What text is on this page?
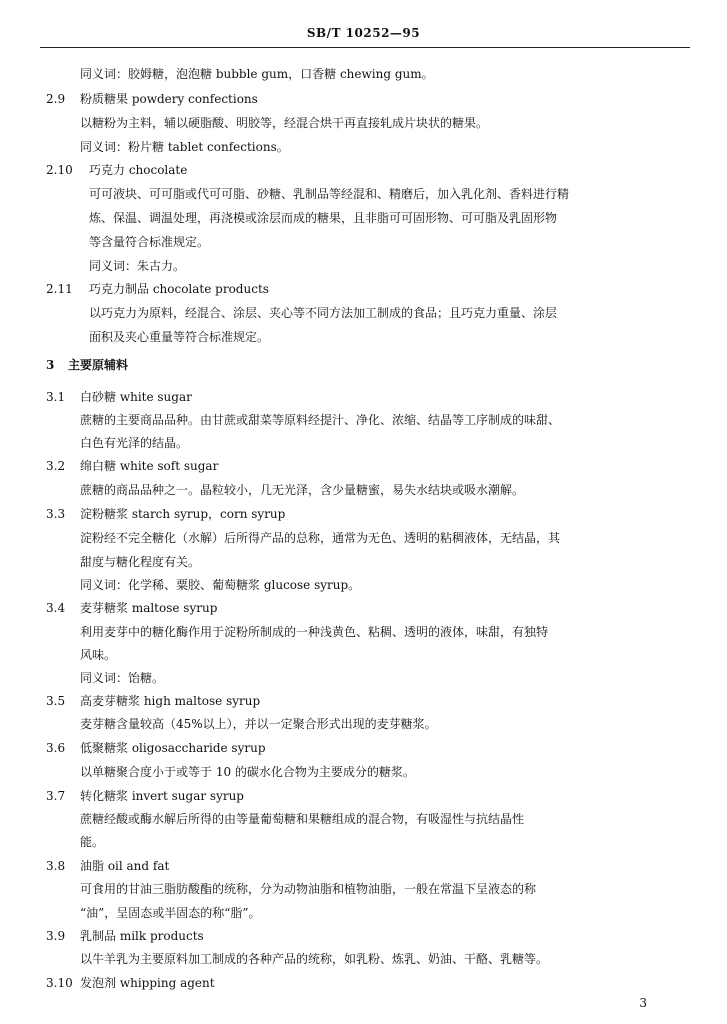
SB/T 10252—95
同义词：胶姆糖，泡泡糖 bubble gum，口香糖 chewing gum。
2.9 粉质糖果 powdery confections
以糖粉为主料，辅以硬脂酸、明胶等，经混合烘干再直接轧成片块状的糖果。
同义词：粉片糖 tablet confections。
2.10 巧克力 chocolate
可可液块、可可脂或代可可脂、砂糖、乳制品等经混和、精磨后，加入乳化剂、香料进行精
炼、保温、调温处理，再浇模或涂层而成的糖果，且非脂可可固形物、可可脂及乳固形物
等含量符合标准规定。
同义词：朱古力。
2.11 巧克力制品 chocolate products
以巧克力为原料，经混合、涂层、夹心等不同方法加工制成的食品；且巧克力重量、涂层
面积及夹心重量等符合标准规定。
3 主要原辅料
3.1 白砂糖 white sugar
蔗糖的主要商品品种。由甘蔗或甜菜等原料经提汁、净化、浓缩、结晶等工序制成的味甜、
白色有光泽的结晶。
3.2 绵白糖 white soft sugar
蔗糖的商品品种之一。晶粒较小，几无光泽，含少量糖蜜，易失水结块或吸水潮解。
3.3 淀粉糖浆 starch syrup，corn syrup
淀粉经不完全糖化（水解）后所得产品的总称，通常为无色、透明的粘稠液体，无结晶，其
甜度与糖化程度有关。
同义词：化学稀、粟胶、葡萄糖浆 glucose syrup。
3.4 麦芽糖浆 maltose syrup
利用麦芽中的糖化酶作用于淀粉所制成的一种浅黄色、粘稠、透明的液体，味甜，有独特
风味。
同义词：饴糖。
3.5 高麦芽糖浆 high maltose syrup
麦芽糖含量较高（45%以上），并以一定聚合形式出现的麦芽糖浆。
3.6 低聚糖浆 oligosaccharide syrup
以单糖聚合度小于或等于 10 的碳水化合物为主要成分的糖浆。
3.7 转化糖浆 invert sugar syrup
蔗糖经酸或酶水解后所得的由等量葡萄糖和果糖组成的混合物，有吸湿性与抗结晶性
能。
3.8 油脂 oil and fat
可食用的甘油三脂肪酸酯的统称，分为动物油脂和植物油脂，一般在常温下呈液态的称
“油”，呈固态或半固态的称“脂”。
3.9 乳制品 milk products
以牛羊乳为主要原料加工制成的各种产品的统称，如乳粉、炼乳、奶油、干酪、乳糖等。
3.10 发泡剂 whipping agent
3
